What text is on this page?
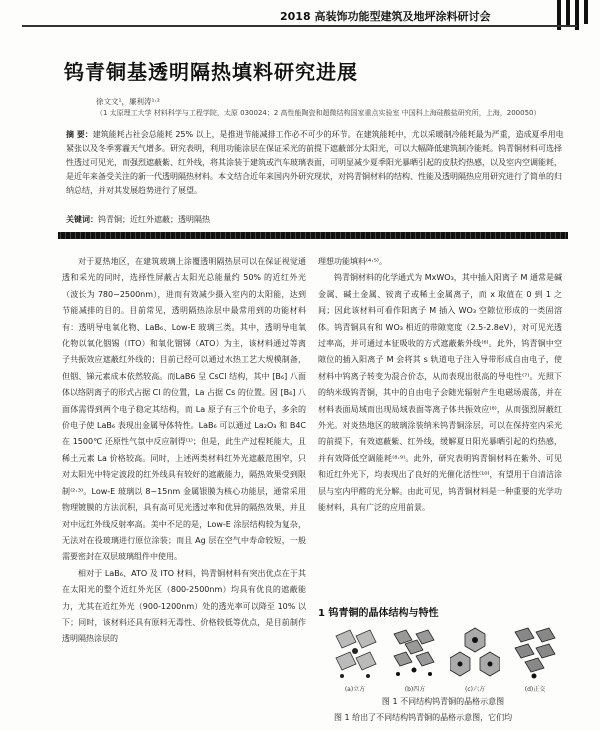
2018 高装饰功能型建筑及地坪涂料研讨会
钨青铜基透明隔热填料研究进展
徐文文¹，廉利涛¹·²
（1 太原理工大学 材料科学与工程学院，太原 030024；2 高性能陶瓷和超微结构国家重点实验室 中国科上海硅酸盐研究所，上海，200050）
摘 要：建筑能耗占社会总能耗 25% 以上，是推进节能减排工作必不可少的环节。在建筑能耗中，尤以采暖制冷能耗最为严重，造成夏季用电紧张以及冬季雾霾天气增多。研究表明，利用功能涂层在保证采光的前提下遮蔽部分太阳光，可以大幅降低建筑制冷能耗。钨青铜材料可选择性透过可见光，而强烈遮蔽紫、红外线，将其涂装于建筑或汽车玻璃表面，可明显减少夏季阳光暴晒引起的皮肤灼热感，以及室内空调能耗，是近年来备受关注的新一代透明隔热材料。本文结合近年来国内外研究现状，对钨青铜材料的结构、性能及透明隔热应用研究进行了简单的归纳总结，并对其发展趋势进行了展望。
关键词：钨青铜；近红外遮蔽；透明隔热

对于夏热地区，在建筑玻璃上涂覆透明隔热层可以在保证视觉通透和采光的同时，选择性屏蔽占太阳光总能量约 50% 的近红外光（波长为 780~2500nm），进而有效减少摄入室内的太阳能，达到节能减排的目的。目前常见，透明隔热涂层中最常用到的功能材料有：透明导电氧化物、LaB₆、Low-E 玻璃三类。其中，透明导电氧化物以氧化铟锡（ITO）和氧化铟锑（ATO）为主，该材料通过等离子共振效应遮蔽红外线的；目前已经可以通过水热工艺大规模制备，但铟、锑元素成本依然较高。而LaB6 呈 CsCl 结构，其中 [B₆] 八面体以络阴离子的形式占据 Cl 的位置，La 占据 Cs 的位置。因 [B₆] 八面体需得到两个电子稳定其结构，而 La 原子有三个价电子，多余的价电子使 LaB₆ 表现出金属导体特性。LaB₆ 可以通过 La₂O₃ 和 B4C 在 1500℃ 还原性气氛中反应制得⁽¹⁾；但是，此生产过程耗能大，且稀土元素 La 价格较高。同时，上述两类材料红外光遮蔽范围窄，只对太阳光中特定波段的红外线具有较好的遮蔽能力，隔热效果受到限制⁽²·³⁾。Low-E 玻璃以 8~15nm 金属银膜为核心功能层，通常采用物理镀膜的方法沉积，具有高可见光透过率和优异的隔热效果，并且对中远红外线反射率高。美中不足的是，Low-E 涂层结构较为复杂，无法对在役玻璃进行原位涂装；而且 Ag 层在空气中寿命较短，一般需要密封在双层玻璃组件中使用。

相对于 LaB₆、ATO 及 ITO 材料，钨青铜材料有突出优点在于其在太阳光的整个近红外光区（800-2500nm）均具有优良的遮蔽能力，尤其在近红外光（900-1200nm）处的透光率可以降至 10% 以下；同时，该材料还具有原料无毒性、价格较低等优点，是目前制作透明隔热涂层的

理想功能填料⁽⁴·⁵⁾。

钨青铜材料的化学通式为 MxWO₃，其中插入阳离子 M 通常是碱金属、碱土金属、铵离子或稀土金属离子，而 x 取值在 0 到 1 之间；因此该材料可看作阳离子 M 插入 WO₃ 空隙位形成的一类固溶体。钨青铜具有和 WO₃ 相近的带隙宽度（2.5-2.8eV），对可见光透过率高，并可通过本征吸收的方式遮蔽紫外线⁽⁶⁾。此外，钨青铜中空隙位的插入阳离子 M 会将其 s 轨道电子注入导带形成自由电子，使材料中钨离子转变为混合价态，从而表现出很高的导电性⁽⁷⁾。光照下的纳米级钨青铜，其中的自由电子会随光辐射产生电磁场震荡，并在材料表面局域而出现局域表面等离子体共振效应⁽⁸⁾，从而强烈屏蔽红外光。对炎热地区的玻璃涂装纳米钨青铜涂层，可以在保持室内采光的前提下，有效遮蔽紫、红外线，缓解夏日阳光暴晒引起的灼热感，并有效降低空调能耗⁽⁸·⁹⁾。此外，研究表明钨青铜材料在紫外、可见和近红外光下，均表现出了良好的光催化活性⁽¹⁰⁾，有望用于自清洁涂层与室内甲醛的光分解。由此可见，钨青铜材料是一种重要的光学功能材料，具有广泛的应用前景。

1 钨青铜的晶体结构与特性
(a)立方	(b)四方	(c)六方	(d)正交
图 1 不同结构钨青铜的晶格示意图
图 1 给出了不同结构钨青铜的晶格示意图，它们均
